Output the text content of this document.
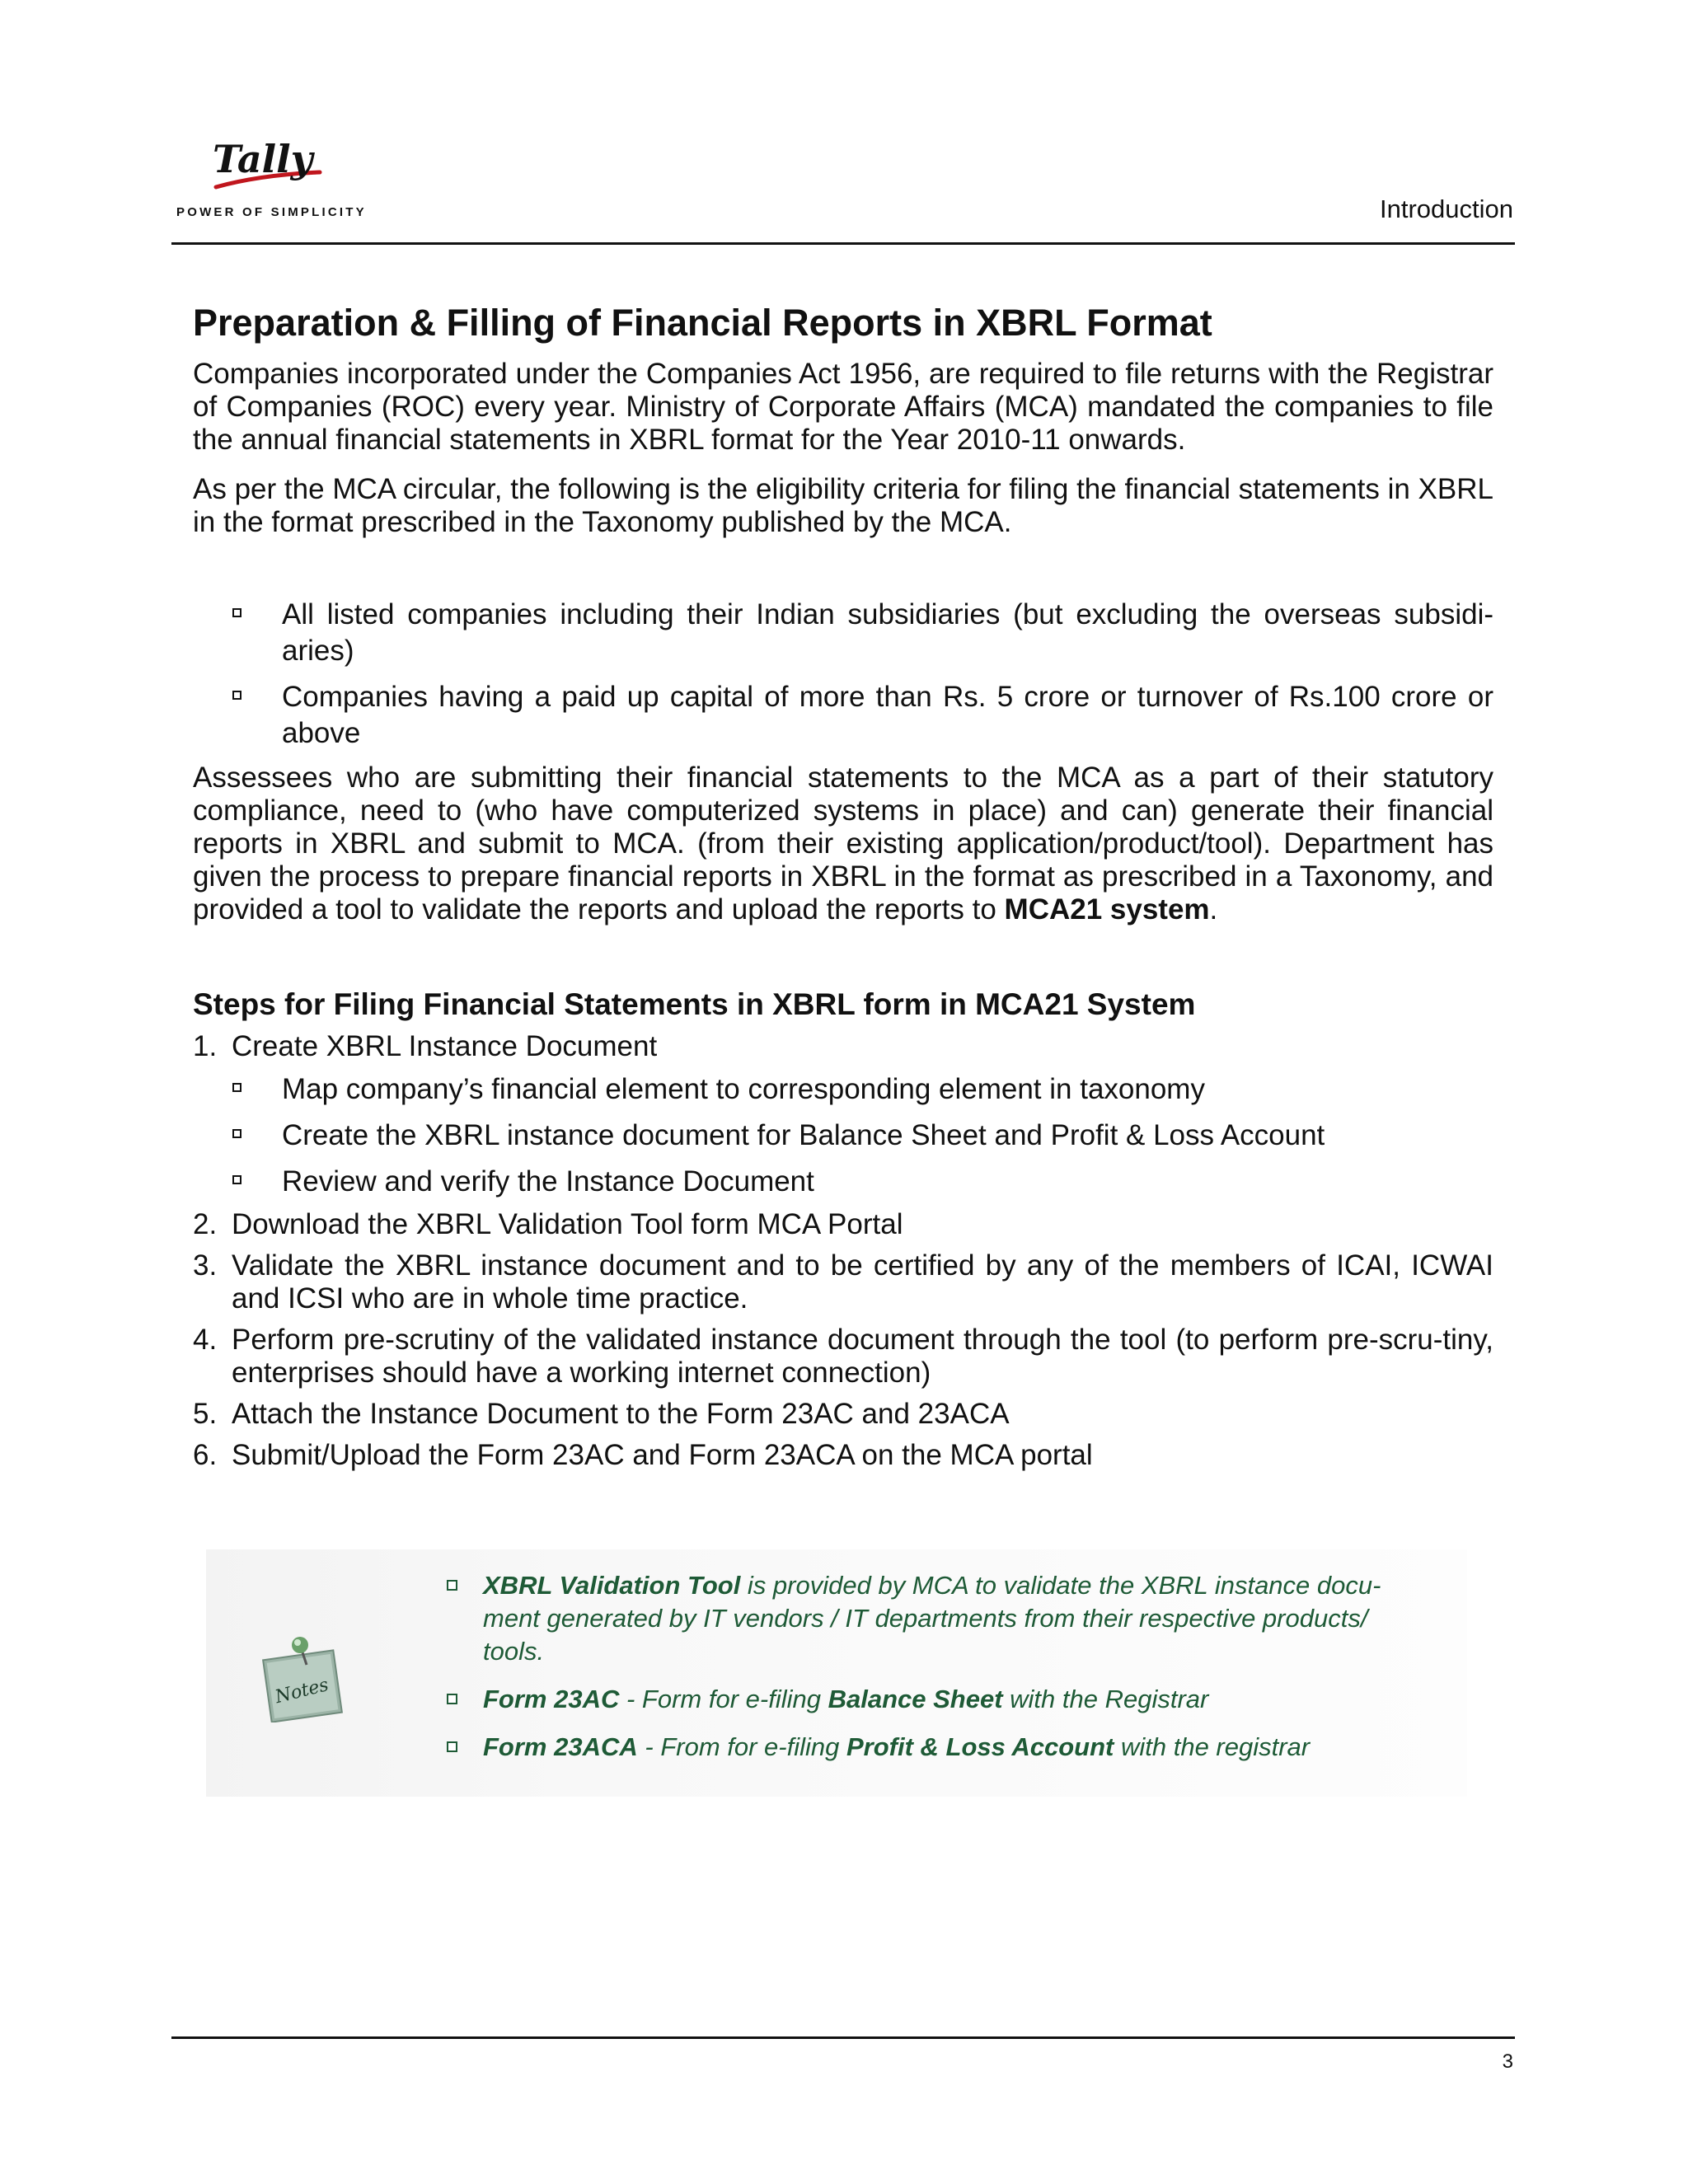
Tally
POWER OF SIMPLICITY	Introduction
Preparation & Filling of Financial Reports in XBRL Format

Companies incorporated under the Companies Act 1956, are required to file returns with the Registrar of Companies (ROC) every year. Ministry of Corporate Affairs (MCA) mandated the companies to file the annual financial statements in XBRL format for the Year 2010-11 onwards.

As per the MCA circular, the following is the eligibility criteria for filing the financial statements in XBRL in the format prescribed in the Taxonomy published by the MCA.

All listed companies including their Indian subsidiaries (but excluding the overseas subsidi-aries)
Companies having a paid up capital of more than Rs. 5 crore or turnover of Rs.100 crore or above

Assessees who are submitting their financial statements to the MCA as a part of their statutory compliance, need to (who have computerized systems in place) and can) generate their financial reports in XBRL and submit to MCA. (from their existing application/product/tool). Department has given the process to prepare financial reports in XBRL in the format as prescribed in a Taxonomy, and provided a tool to validate the reports and upload the reports to MCA21 system.

Steps for Filing Financial Statements in XBRL form in MCA21 System
1. Create XBRL Instance Document
Map company’s financial element to corresponding element in taxonomy
Create the XBRL instance document for Balance Sheet and Profit & Loss Account
Review and verify the Instance Document
2. Download the XBRL Validation Tool form MCA Portal
3. Validate the XBRL instance document and to be certified by any of the members of ICAI, ICWAI and ICSI who are in whole time practice.
4. Perform pre-scrutiny of the validated instance document through the tool (to perform pre-scru-tiny, enterprises should have a working internet connection)
5. Attach the Instance Document to the Form 23AC and 23ACA
6. Submit/Upload the Form 23AC and Form 23ACA on the MCA portal
Notes
XBRL Validation Tool is provided by MCA to validate the XBRL instance docu-ment generated by IT vendors / IT departments from their respective products/ tools.
Form 23AC - Form for e-filing Balance Sheet with the Registrar
Form 23ACA - From for e-filing Profit & Loss Account with the registrar
3
